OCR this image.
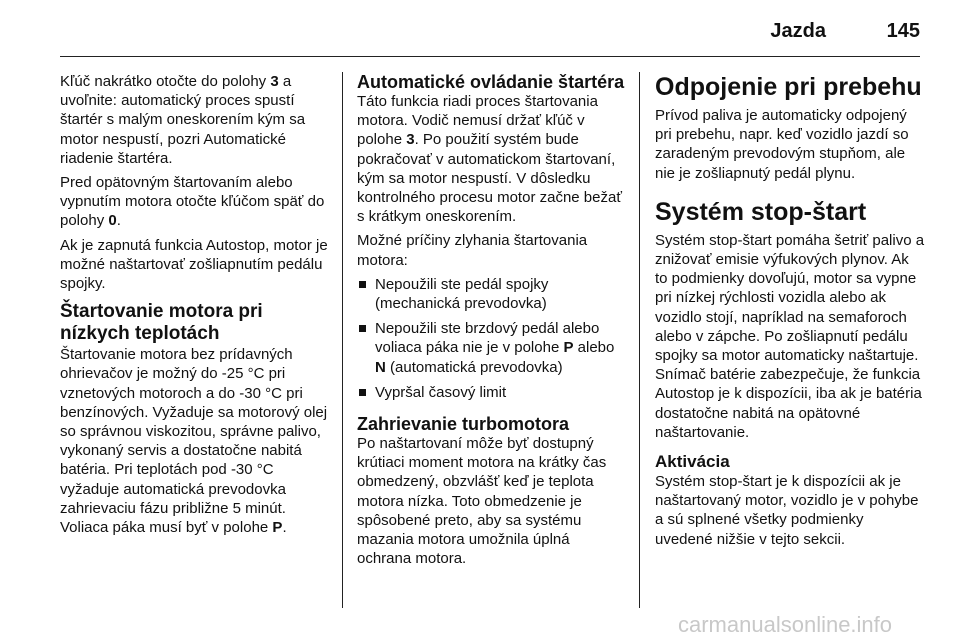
Jazda	145

Kľúč nakrátko otočte do polohy 3 a uvoľnite: automatický proces spustí štartér s malým oneskorením kým sa motor nespustí, pozri Automatické riadenie štartéra.

Pred opätovným štartovaním alebo vypnutím motora otočte kľúčom späť do polohy 0.

Ak je zapnutá funkcia Autostop, motor je možné naštartovať zošliapnutím pedálu spojky.

Štartovanie motora pri nízkych teplotách

Štartovanie motora bez prídavných ohrievačov je možný do -25 °C pri vznetových motoroch a do -30 °C pri benzínových. Vyžaduje sa motorový olej so správnou viskozitou, správne palivo, vykonaný servis a dostatočne nabitá batéria. Pri teplotách pod -30 °C vyžaduje automatická prevodovka zahrievaciu fázu približne 5 minút. Voliaca páka musí byť v polohe P.

Automatické ovládanie štartéra

Táto funkcia riadi proces štartovania motora. Vodič nemusí držať kľúč v polohe 3. Po použití systém bude pokračovať v automatickom štartovaní, kým sa motor nespustí. V dôsledku kontrolného procesu motor začne bežať s krátkym oneskorením.

Možné príčiny zlyhania štartovania motora:

Nepoužili ste pedál spojky (mechanická prevodovka)
Nepoužili ste brzdový pedál alebo voliaca páka nie je v polohe P alebo N (automatická prevodovka)
Vypršal časový limit
Zahrievanie turbomotora

Po naštartovaní môže byť dostupný krútiaci moment motora na krátky čas obmedzený, obzvlášť keď je teplota motora nízka. Toto obmedzenie je spôsobené preto, aby sa systému mazania motora umožnila úplná ochrana motora.

Odpojenie pri prebehu

Prívod paliva je automaticky odpojený pri prebehu, napr. keď vozidlo jazdí so zaradeným prevodovým stupňom, ale nie je zošliapnutý pedál plynu.

Systém stop-štart

Systém stop-štart pomáha šetriť palivo a znižovať emisie výfukových plynov. Ak to podmienky dovoľujú, motor sa vypne pri nízkej rýchlosti vozidla alebo ak vozidlo stojí, napríklad na semaforoch alebo v zápche. Po zošliapnutí pedálu spojky sa motor automaticky naštartuje. Snímač batérie zabezpečuje, že funkcia Autostop je k dispozícii, iba ak je batéria dostatočne nabitá na opätovné naštartovanie.

Aktivácia

Systém stop-štart je k dispozícii ak je naštartovaný motor, vozidlo je v pohybe a sú splnené všetky podmienky uvedené nižšie v tejto sekcii.

carmanualsonline.info
